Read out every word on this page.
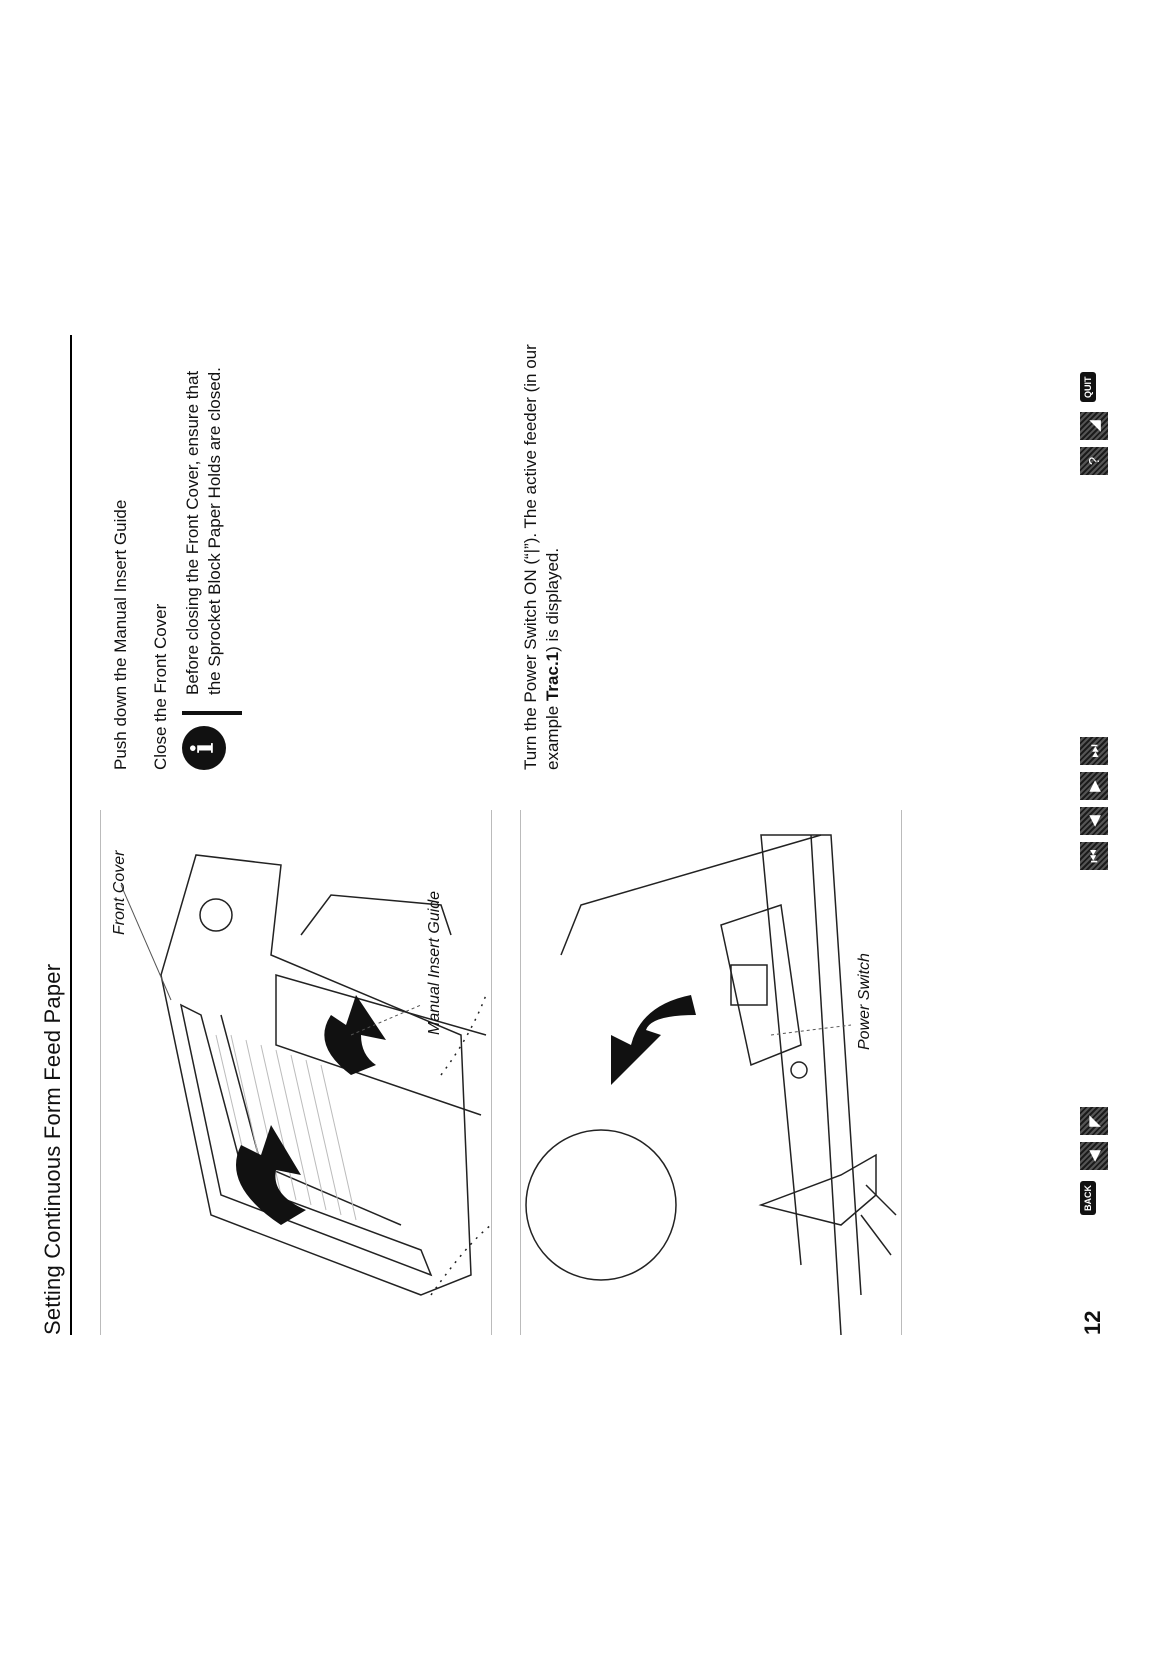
Setting Continuous Form Feed Paper
Front Cover	Manual Insert Guide	Power Switch
Push down the Manual Insert Guide Close the Front Cover i
Before closing the Front Cover, ensure that the Sprocket Block Paper Holds are closed.	Turn the Power Switch ON (“|”). The active feeder (in our example Trac.1) is displayed.
12
BACK
◀
◤
⏮
◀
▶
⏭
?
◢
QUIT
